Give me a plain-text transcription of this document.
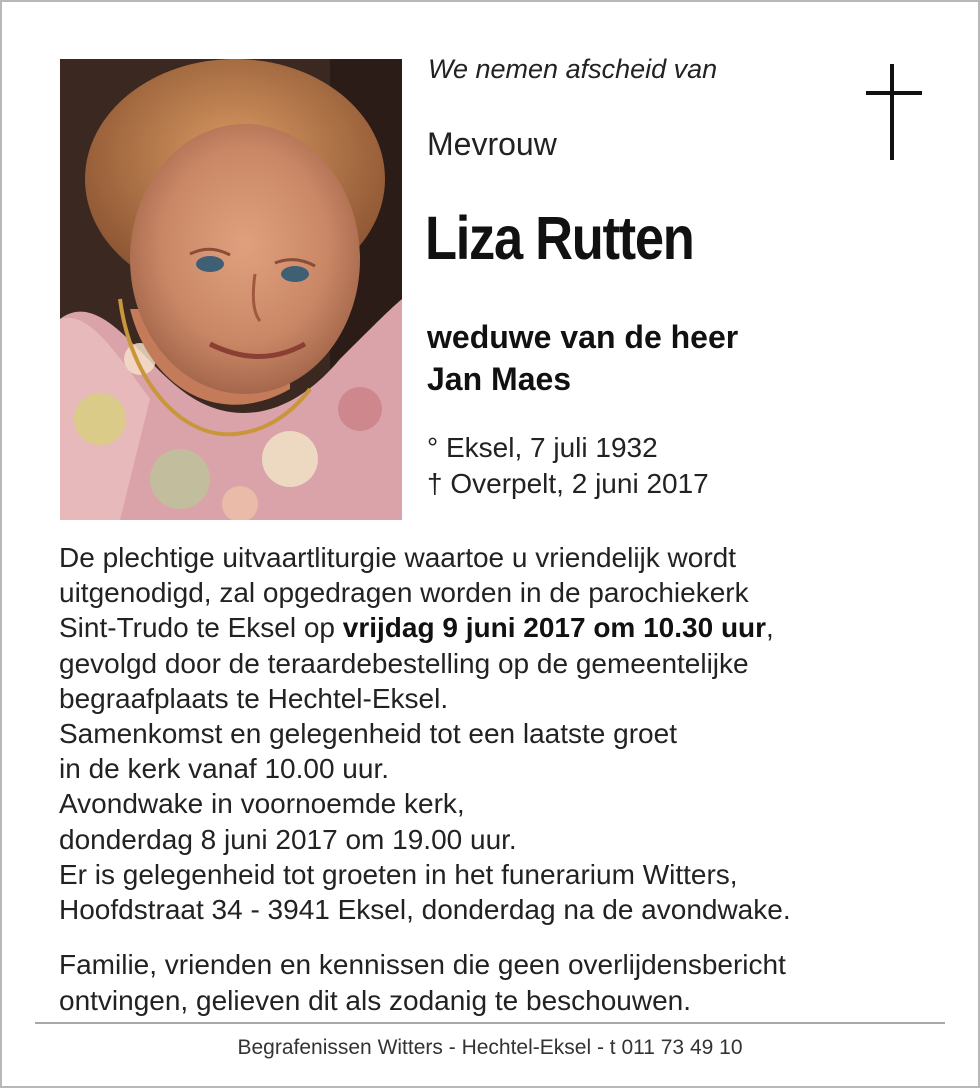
We nemen afscheid van
Mevrouw
Liza Rutten
weduwe van de heer
Jan Maes
° Eksel, 7 juli 1932
† Overpelt, 2 juni 2017

De plechtige uitvaartliturgie waartoe u vriendelijk wordt

uitgenodigd, zal opgedragen worden in de parochiekerk

Sint-Trudo te Eksel op vrijdag 9 juni 2017 om 10.30 uur,

gevolgd door de teraardebestelling op de gemeentelijke

begraafplaats te Hechtel-Eksel.

Samenkomst en gelegenheid tot een laatste groet

in de kerk vanaf 10.00 uur.

Avondwake in voornoemde kerk,

donderdag 8 juni 2017 om 19.00 uur.

Er is gelegenheid tot groeten in het funerarium Witters,

Hoofdstraat 34 - 3941 Eksel, donderdag na de avondwake.

Familie, vrienden en kennissen die geen overlijdensbericht

ontvingen, gelieven dit als zodanig te beschouwen.

Begrafenissen Witters - Hechtel-Eksel - t 011 73 49 10
